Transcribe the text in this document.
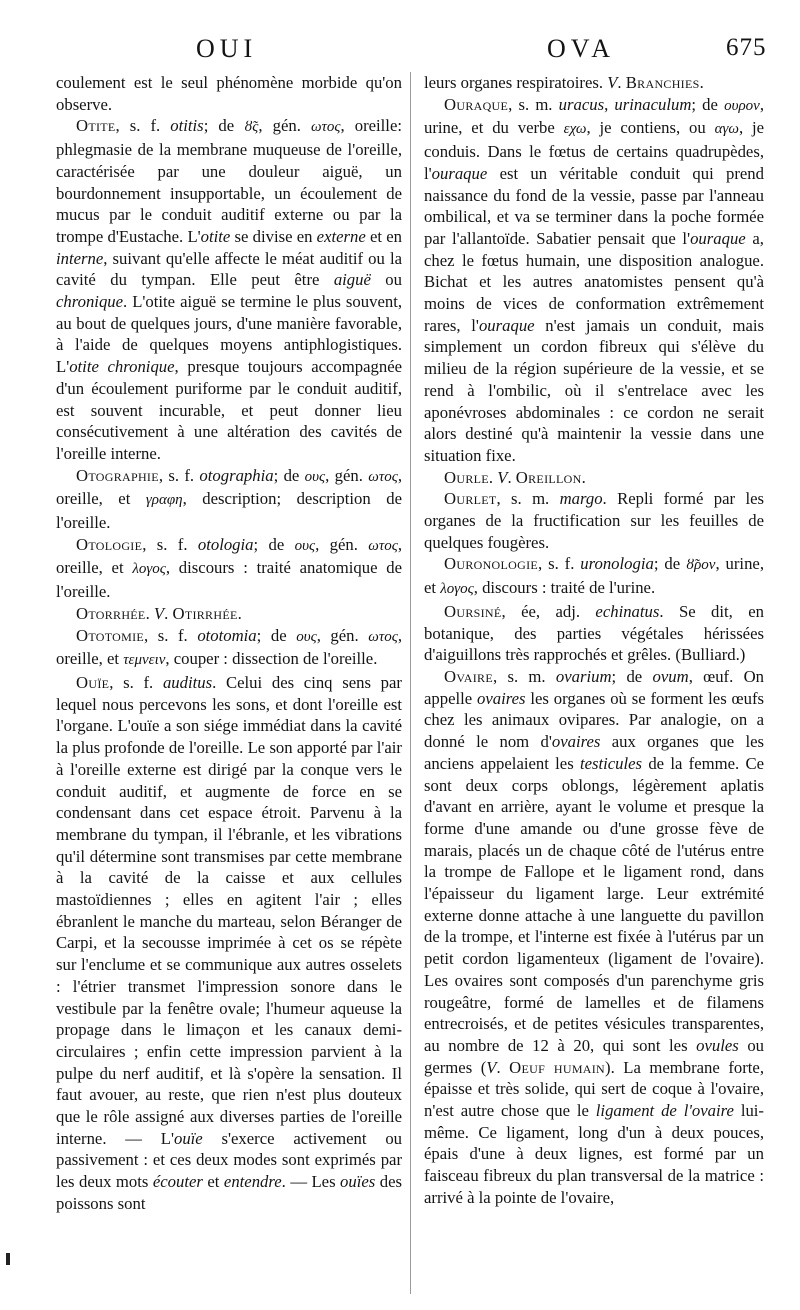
OUI	OVA	675

coulement est le seul phénomène morbide qu'on observe.

Otite, s. f. otitis; de ȣ̃ς, gén. ωτος, oreille: phlegmasie de la membrane muqueuse de l'oreille, caractérisée par une douleur aiguë, un bourdonnement insupportable, un écoulement de mucus par le conduit auditif externe ou par la trompe d'Eustache. L'otite se divise en externe et en interne, suivant qu'elle affecte le méat auditif ou la cavité du tympan. Elle peut être aiguë ou chronique. L'otite aiguë se termine le plus souvent, au bout de quelques jours, d'une manière favorable, à l'aide de quelques moyens antiphlogistiques. L'otite chronique, presque toujours accompagnée d'un écoulement puriforme par le conduit auditif, est souvent incurable, et peut donner lieu consécutivement à une altération des cavités de l'oreille interne.

Otographie, s. f. otographia; de ους, gén. ωτος, oreille, et γραφη, description; description de l'oreille.

Otologie, s. f. otologia; de ους, gén. ωτος, oreille, et λογος, discours : traité anatomique de l'oreille.

Otorrhée. V. Otirrhée.

Ototomie, s. f. ototomia; de ους, gén. ωτος, oreille, et τεμνειν, couper : dissection de l'oreille.

Ouïe, s. f. auditus. Celui des cinq sens par lequel nous percevons les sons, et dont l'oreille est l'organe. L'ouïe a son siége immédiat dans la cavité la plus profonde de l'oreille. Le son apporté par l'air à l'oreille externe est dirigé par la conque vers le conduit auditif, et augmente de force en se condensant dans cet espace étroit. Parvenu à la membrane du tympan, il l'ébranle, et les vibrations qu'il détermine sont transmises par cette membrane à la cavité de la caisse et aux cellules mastoïdiennes ; elles en agitent l'air ; elles ébranlent le manche du marteau, selon Béranger de Carpi, et la secousse imprimée à cet os se répète sur l'enclume et se communique aux autres osselets : l'étrier transmet l'impression sonore dans le vestibule par la fenêtre ovale; l'humeur aqueuse la propage dans le limaçon et les canaux demi-circulaires ; enfin cette impression parvient à la pulpe du nerf auditif, et là s'opère la sensation. Il faut avouer, au reste, que rien n'est plus douteux que le rôle assigné aux diverses parties de l'oreille interne. — L'ouïe s'exerce activement ou passivement : et ces deux modes sont exprimés par les deux mots écouter et entendre. — Les ouïes des poissons sont

leurs organes respiratoires. V. Branchies.

Ouraque, s. m. uracus, urinaculum; de ουρον, urine, et du verbe εχω, je contiens, ou αγω, je conduis. Dans le fœtus de certains quadrupèdes, l'ouraque est un véritable conduit qui prend naissance du fond de la vessie, passe par l'anneau ombilical, et va se terminer dans la poche formée par l'allantoïde. Sabatier pensait que l'ouraque a, chez le fœtus humain, une disposition analogue. Bichat et les autres anatomistes pensent qu'à moins de vices de conformation extrêmement rares, l'ouraque n'est jamais un conduit, mais simplement un cordon fibreux qui s'élève du milieu de la région supérieure de la vessie, et se rend à l'ombilic, où il s'entrelace avec les aponévroses abdominales : ce cordon ne serait alors destiné qu'à maintenir la vessie dans une situation fixe.

Ourle. V. Oreillon.

Ourlet, s. m. margo. Repli formé par les organes de la fructification sur les feuilles de quelques fougères.

Ouronologie, s. f. uronologia; de ȣ̃ρον, urine, et λογος, discours : traité de l'urine.

Oursiné, ée, adj. echinatus. Se dit, en botanique, des parties végétales hérissées d'aiguillons très rapprochés et grêles. (Bulliard.)

Ovaire, s. m. ovarium; de ovum, œuf. On appelle ovaires les organes où se forment les œufs chez les animaux ovipares. Par analogie, on a donné le nom d'ovaires aux organes que les anciens appelaient les testicules de la femme. Ce sont deux corps oblongs, légèrement aplatis d'avant en arrière, ayant le volume et presque la forme d'une amande ou d'une grosse fève de marais, placés un de chaque côté de l'utérus entre la trompe de Fallope et le ligament rond, dans l'épaisseur du ligament large. Leur extrémité externe donne attache à une languette du pavillon de la trompe, et l'interne est fixée à l'utérus par un petit cordon ligamenteux (ligament de l'ovaire). Les ovaires sont composés d'un parenchyme gris rougeâtre, formé de lamelles et de filamens entrecroisés, et de petites vésicules transparentes, au nombre de 12 à 20, qui sont les ovules ou germes (V. Oeuf humain). La membrane forte, épaisse et très solide, qui sert de coque à l'ovaire, n'est autre chose que le ligament de l'ovaire lui-même. Ce ligament, long d'un à deux pouces, épais d'une à deux lignes, est formé par un faisceau fibreux du plan transversal de la matrice : arrivé à la pointe de l'ovaire,
